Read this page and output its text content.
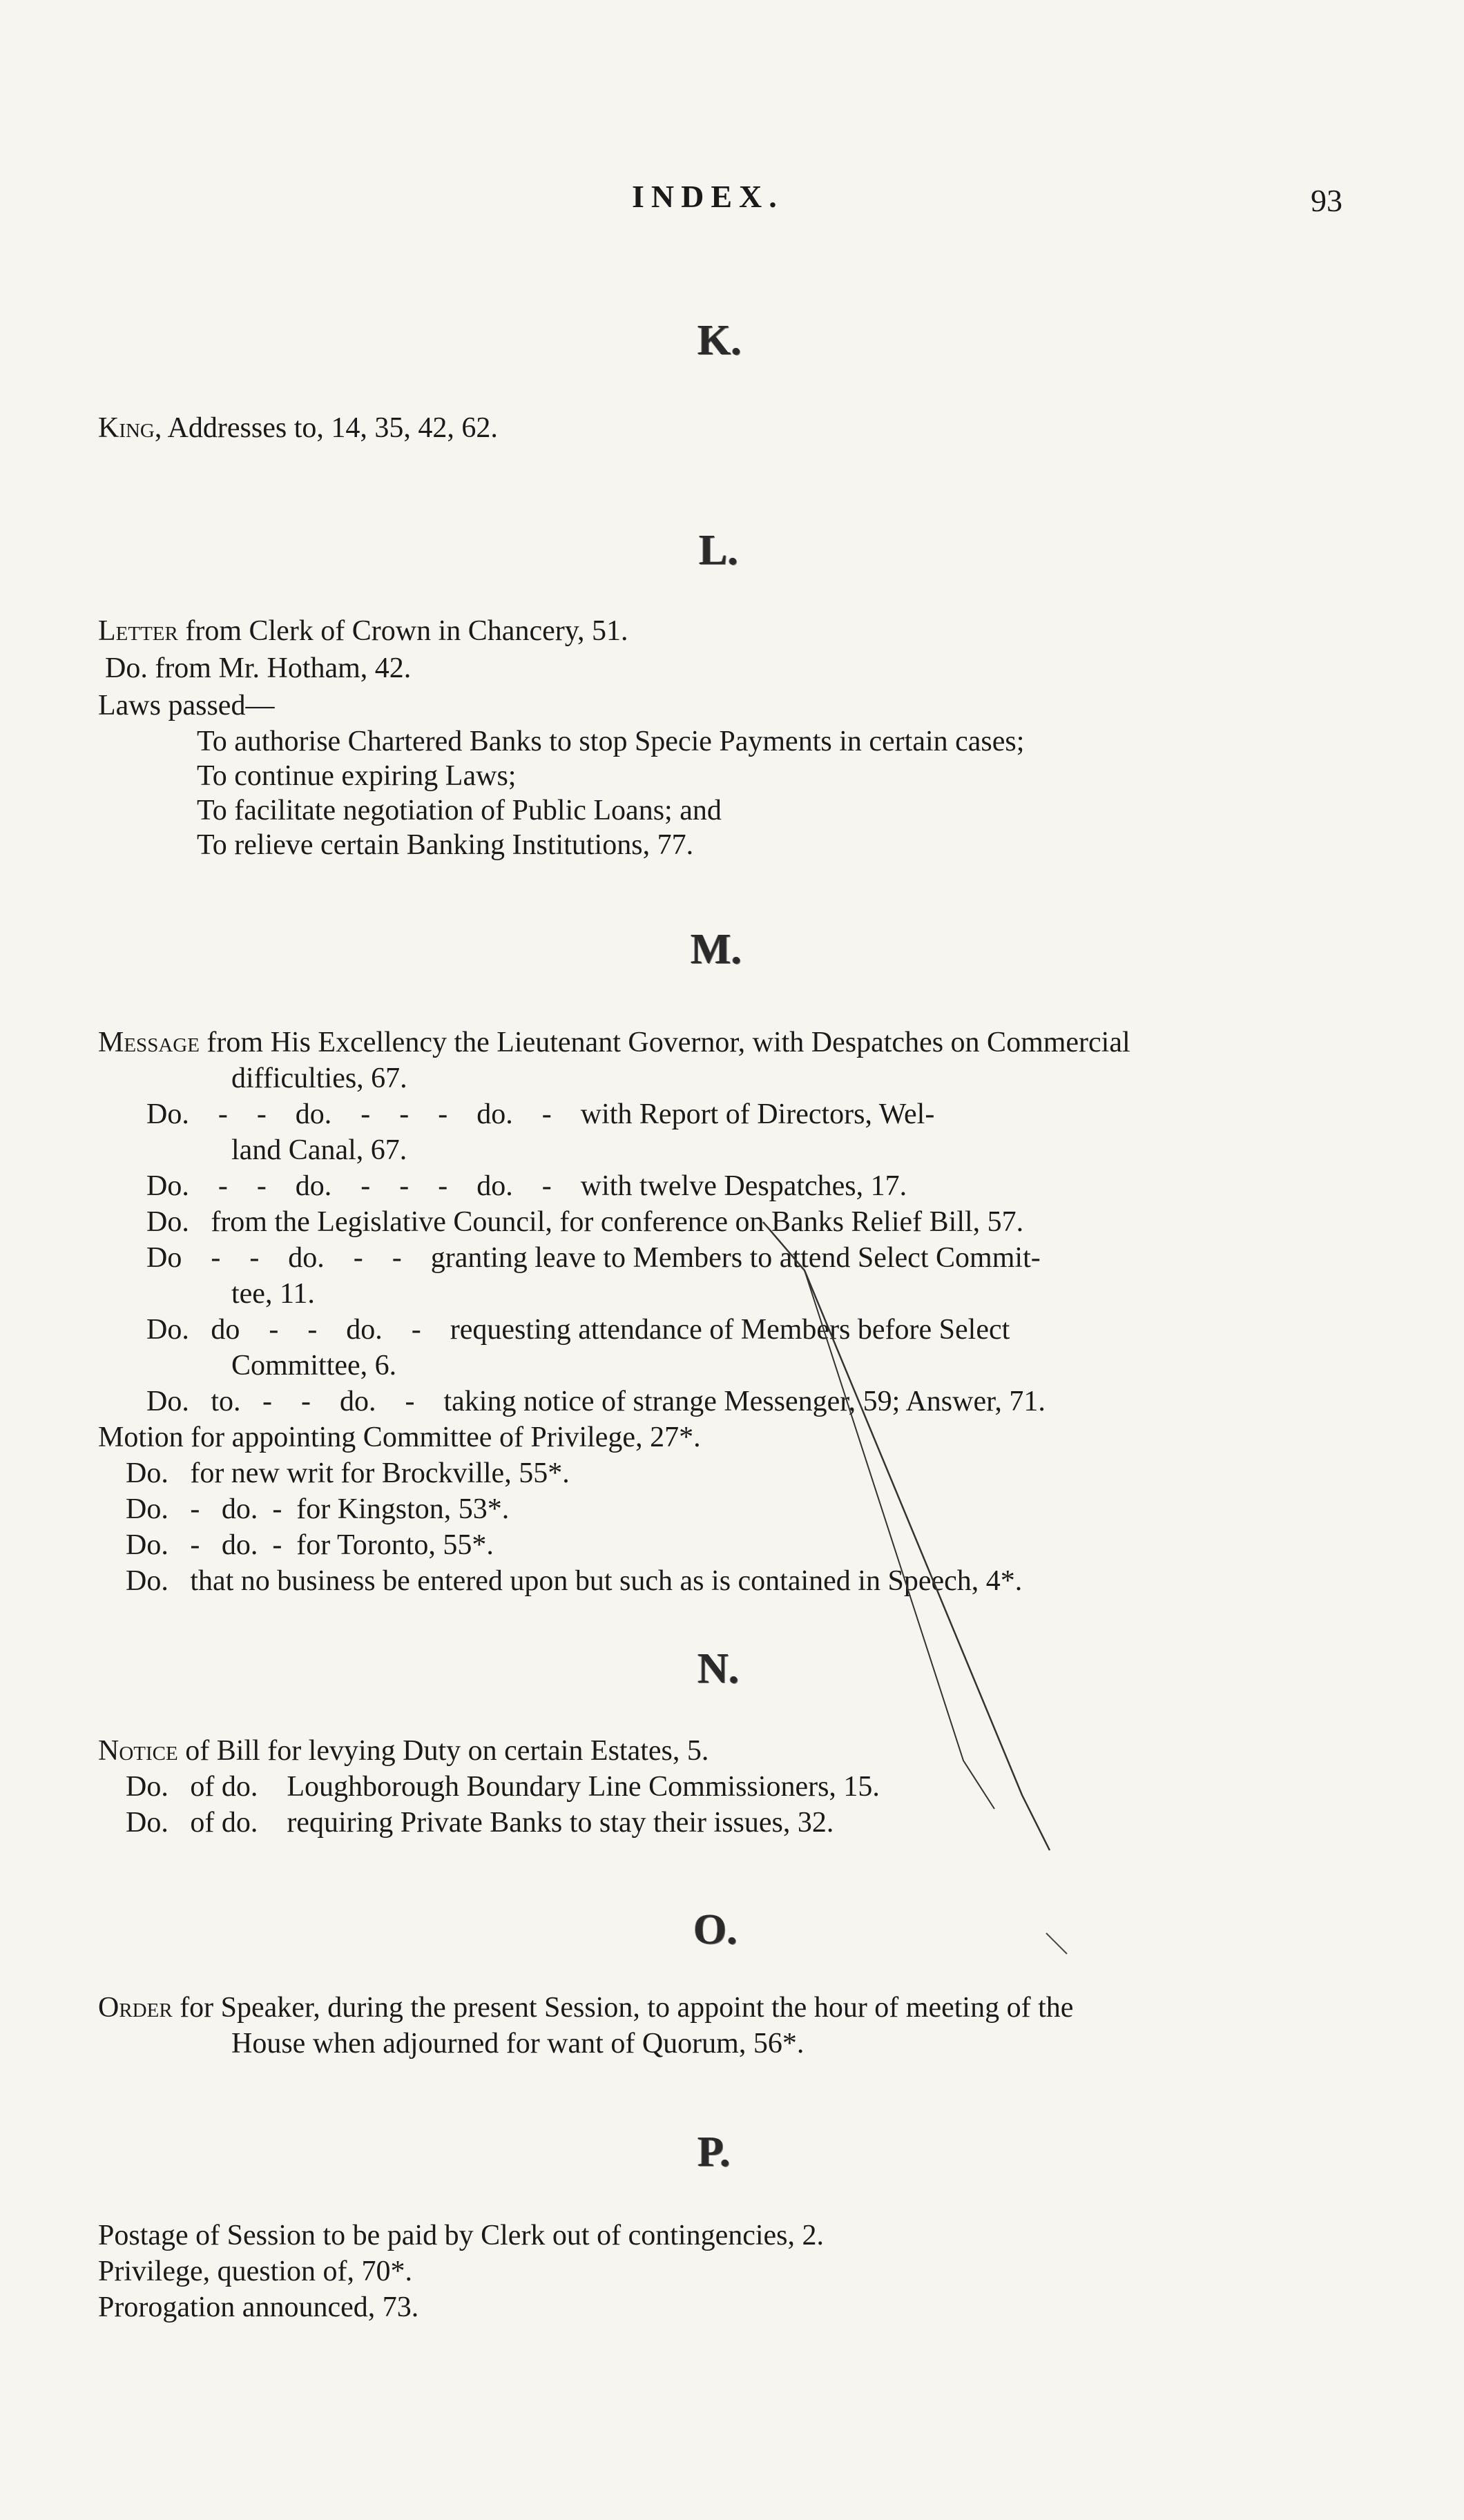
INDEX.	93
K.
King, Addresses to, 14, 35, 42, 62.
L.
Letter from Clerk of Crown in Chancery, 51.
Do. from Mr. Hotham, 42.
Laws passed—
To authorise Chartered Banks to stop Specie Payments in certain cases;
To continue expiring Laws;
To facilitate negotiation of Public Loans; and
To relieve certain Banking Institutions, 77.
M.
Message from His Excellency the Lieutenant Governor, with Despatches on Commercial
difficulties, 67.
Do.    -    -    do.    -    -    -    do.    -    with Report of Directors, Wel-
land Canal, 67.
Do.    -    -    do.    -    -    -    do.    -    with twelve Despatches, 17.
Do.   from the Legislative Council, for conference on Banks Relief Bill, 57.
Do    -    -    do.    -    -    granting leave to Members to attend Select Commit-
tee, 11.
Do.   do    -    -    do.    -    requesting attendance of Members before Select
Committee, 6.
Do.   to.   -    -    do.    -    taking notice of strange Messenger, 59; Answer, 71.
Motion for appointing Committee of Privilege, 27*.
Do.   for new writ for Brockville, 55*.
Do.   -   do.  -  for Kingston, 53*.
Do.   -   do.  -  for Toronto, 55*.
Do.   that no business be entered upon but such as is contained in Speech, 4*.
N.
Notice of Bill for levying Duty on certain Estates, 5.
Do.   of do.    Loughborough Boundary Line Commissioners, 15.
Do.   of do.    requiring Private Banks to stay their issues, 32.
O.
Order for Speaker, during the present Session, to appoint the hour of meeting of the
House when adjourned for want of Quorum, 56*.
P.
Postage of Session to be paid by Clerk out of contingencies, 2.
Privilege, question of, 70*.
Prorogation announced, 73.
